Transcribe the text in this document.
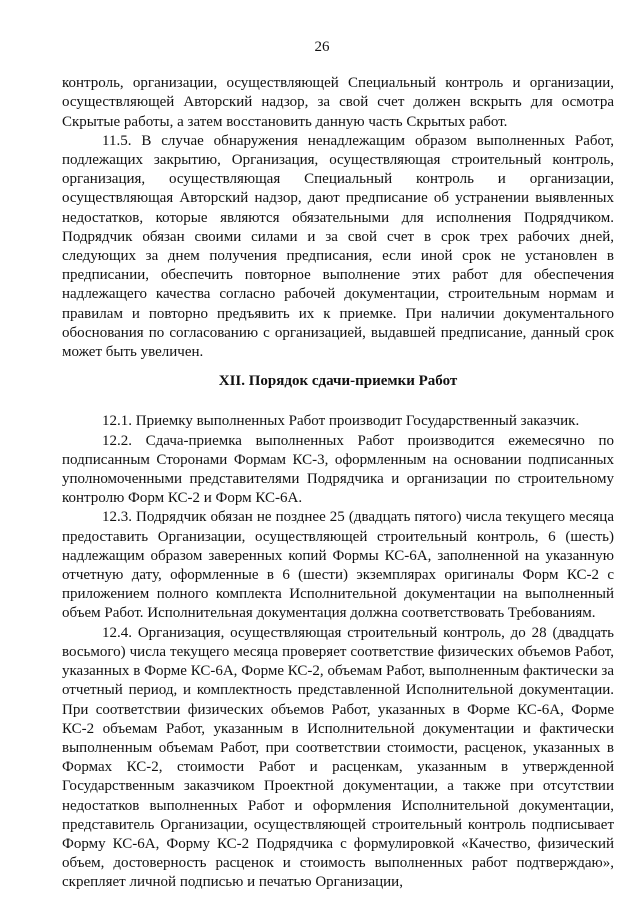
26

контроль, организации, осуществляющей Специальный контроль и организации, осуществляющей Авторский надзор, за свой счет должен вскрыть для осмотра Скрытые работы, а затем восстановить данную часть Скрытых работ.

11.5. В случае обнаружения ненадлежащим образом выполненных Работ, подлежащих закрытию, Организация, осуществляющая строительный контроль, организация, осуществляющая Специальный контроль и организации, осуществляющая Авторский надзор, дают предписание об устранении выявленных недостатков, которые являются обязательными для исполнения Подрядчиком. Подрядчик обязан своими силами и за свой счет в срок трех рабочих дней, следующих за днем получения предписания, если иной срок не установлен в предписании, обеспечить повторное выполнение этих работ для обеспечения надлежащего качества согласно рабочей документации, строительным нормам и правилам и повторно предъявить их к приемке. При наличии документального обоснования по согласованию с организацией, выдавшей предписание, данный срок может быть увеличен.

XII. Порядок сдачи-приемки Работ

12.1. Приемку выполненных Работ производит Государственный заказчик.

12.2. Сдача-приемка выполненных Работ производится ежемесячно по подписанным Сторонами Формам КС-3, оформленным на основании подписанных уполномоченными представителями Подрядчика и организации по строительному контролю Форм КС-2 и Форм КС-6А.

12.3. Подрядчик обязан не позднее 25 (двадцать пятого) числа текущего месяца предоставить Организации, осуществляющей строительный контроль, 6 (шесть) надлежащим образом заверенных копий Формы КС-6А, заполненной на указанную отчетную дату, оформленные в 6 (шести) экземплярах оригиналы Форм КС-2 с приложением полного комплекта Исполнительной документации на выполненный объем Работ. Исполнительная документация должна соответствовать Требованиям.

12.4. Организация, осуществляющая строительный контроль, до 28 (двадцать восьмого) числа текущего месяца проверяет соответствие физических объемов Работ, указанных в Форме КС-6А, Форме КС-2, объемам Работ, выполненным фактически за отчетный период, и комплектность представленной Исполнительной документации. При соответствии физических объемов Работ, указанных в Форме КС-6А, Форме КС-2 объемам Работ, указанным в Исполнительной документации и фактически выполненным объемам Работ, при соответствии стоимости, расценок, указанных в Формах КС-2, стоимости Работ и расценкам, указанным в утвержденной Государственным заказчиком Проектной документации, а также при отсутствии недостатков выполненных Работ и оформления Исполнительной документации, представитель Организации, осуществляющей строительный контроль подписывает Форму КС-6А, Форму КС-2 Подрядчика с формулировкой «Качество, физический объем, достоверность расценок и стоимость выполненных работ подтверждаю», скрепляет личной подписью и печатью Организации,
